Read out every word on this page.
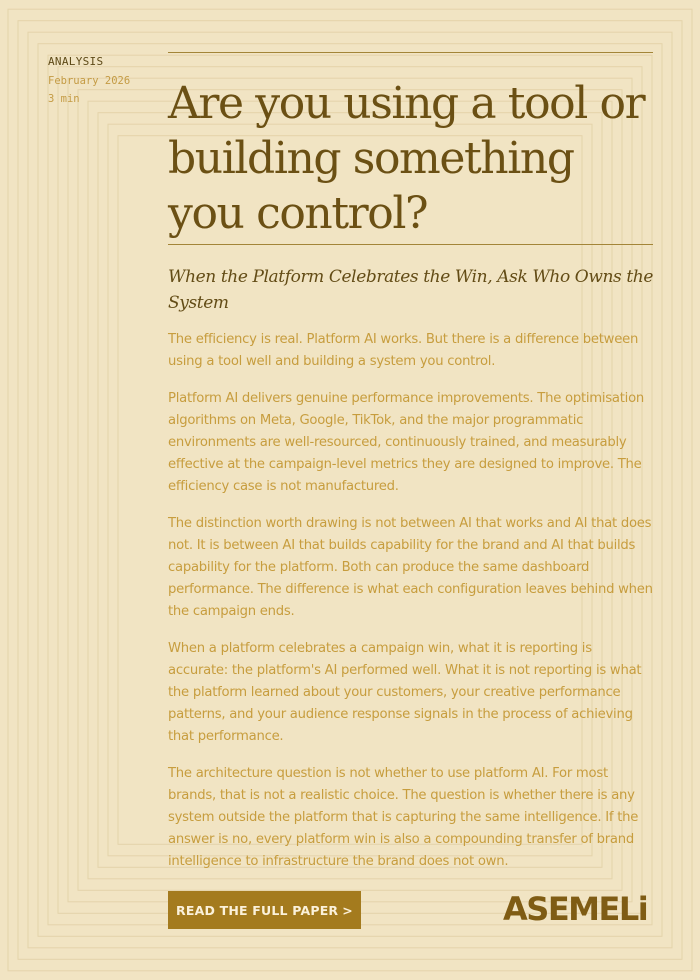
ANALYSIS
February 2026
3 min	Are you using a tool or
building something
you control?
When the Platform Celebrates the Win, Ask Who Owns the
System

The efficiency is real. Platform AI works. But there is a difference between using a tool well and building a system you control.

Platform AI delivers genuine performance improvements. The optimisation algorithms on Meta, Google, TikTok, and the major programmatic environments are well-resourced, continuously trained, and measurably effective at the campaign-level metrics they are designed to improve. The efficiency case is not manufactured.

The distinction worth drawing is not between AI that works and AI that does not. It is between AI that builds capability for the brand and AI that builds capability for the platform. Both can produce the same dashboard performance. The difference is what each configuration leaves behind when the campaign ends.

When a platform celebrates a campaign win, what it is reporting is accurate: the platform's AI performed well. What it is not reporting is what the platform learned about your customers, your creative performance patterns, and your audience response signals in the process of achieving that performance.

The architecture question is not whether to use platform AI. For most brands, that is not a realistic choice. The question is whether there is any system outside the platform that is capturing the same intelligence. If the answer is no, every platform win is also a compounding transfer of brand intelligence to infrastructure the brand does not own.

READ THE FULL PAPER >	ASEMELi
